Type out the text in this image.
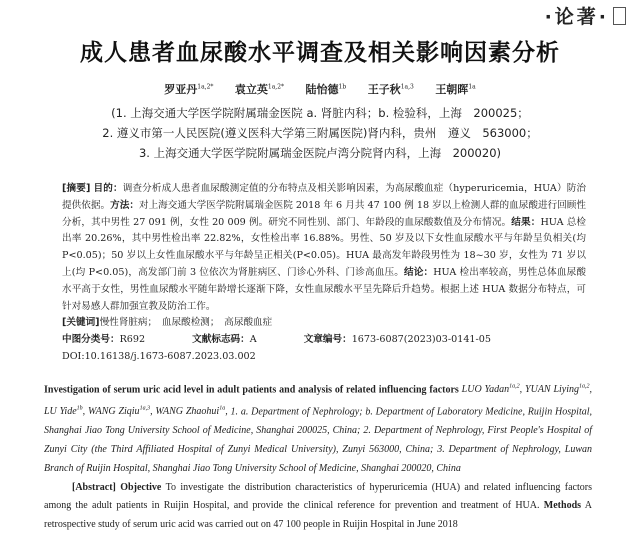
·论著·
成人患者血尿酸水平调查及相关影响因素分析
罗亚丹$^{1a,2*}$ 袁立英$^{1a,2*}$ 陆怡德$^{1b}$ 王子秋$^{1a,3}$ 王朝晖$^{1a}$
(1. 上海交通大学医学院附属瑞金医院 a. 肾脏内科；b. 检验科，上海　200025；
2. 遵义市第一人民医院(遵义医科大学第三附属医院)肾内科，贵州　遵义　563000；
3. 上海交通大学医学院附属瑞金医院卢湾分院肾内科，上海　200020)
[摘要] 目的：调查分析成人患者血尿酸测定值的分布特点及相关影响因素，为高尿酸血症（hyperuricemia，HUA）防治提供依据。方法：对上海交通大学医学院附属瑞金医院 2018 年 6 月共 47 100 例 18 岁以上检测人群的血尿酸进行回顾性分析，其中男性 27 091 例，女性 20 009 例。研究不同性别、部门、年龄段的血尿酸数值及分布情况。结果：HUA 总检出率 20.26%，其中男性检出率 22.82%，女性检出率 16.88%。男性、50 岁及以下女性血尿酸水平与年龄呈负相关(均 P<0.05)；50 岁以上女性血尿酸水平与年龄呈正相关(P<0.05)。HUA 最高发年龄段男性为 18~30 岁，女性为 71 岁以上(均 P<0.05)，高发部门前 3 位依次为肾脏病区、门诊心外科、门诊高血压。结论：HUA 检出率较高，男性总体血尿酸水平高于女性，男性血尿酸水平随年龄增长逐渐下降，女性血尿酸水平呈先降后升趋势。根据上述 HUA 数据分布特点，可针对易感人群加强宣教及防治工作。
[关键词]慢性肾脏病；　血尿酸检测；　高尿酸血症
中图分类号：R692	文献标志码：A	文章编号：1673-6087(2023)03-0141-05
DOI:10.16138/j.1673-6087.2023.03.002
Investigation of serum uric acid level in adult patients and analysis of related influencing factors LUO Yadan$^{1a,2}$, YUAN Liying$^{1a,2}$, LU Yide$^{1b}$, WANG Ziqiu$^{1a,3}$, WANG Zhaohui$^{1a}$, 1. a. Department of Nephrology; b. Department of Laboratory Medicine, Ruijin Hospital, Shanghai Jiao Tong University School of Medicine, Shanghai 200025, China; 2. Department of Nephrology, First People's Hospital of Zunyi City (the Third Affiliated Hospital of Zunyi Medical University), Zunyi 563000, China; 3. Department of Nephrology, Luwan Branch of Ruijin Hospital, Shanghai Jiao Tong University School of Medicine, Shanghai 200020, China
[Abstract] Objective To investigate the distribution characteristics of hyperuricemia (HUA) and related influencing factors among the adult patients in Ruijin Hospital, and provide the clinical reference for prevention and treatment of HUA. Methods A retrospective study of serum uric acid was carried out on 47 100 people in Ruijin Hospital in June 2018
